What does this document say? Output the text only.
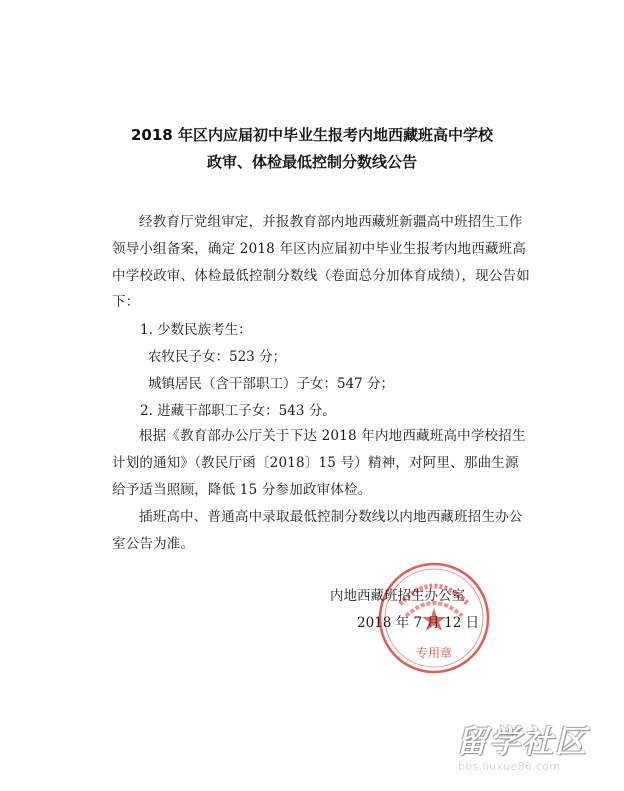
2018 年区内应届初中毕业生报考内地西藏班高中学校
政审、体检最低控制分数线公告
经教育厅党组审定，并报教育部内地西藏班新疆高中班招生工作领导小组备案，确定 2018 年区内应届初中毕业生报考内地西藏班高中学校政审、体检最低控制分数线（卷面总分加体育成绩），现公告如下：
1. 少数民族考生：
农牧民子女：523 分；
城镇居民（含干部职工）子女：547 分；
2. 进藏干部职工子女：543 分。
根据《教育部办公厅关于下达 2018 年内地西藏班高中学校招生计划的通知》（教民厅函〔2018〕15 号）精神，对阿里、那曲生源给予适当照顾，降低 15 分参加政审体检。
插班高中、普通高中录取最低控制分数线以内地西藏班招生办公室公告为准。
专用章
内地西藏班招生办公室
2018 年 7 月 12 日
留学社区
bbs.liuxue86.com
